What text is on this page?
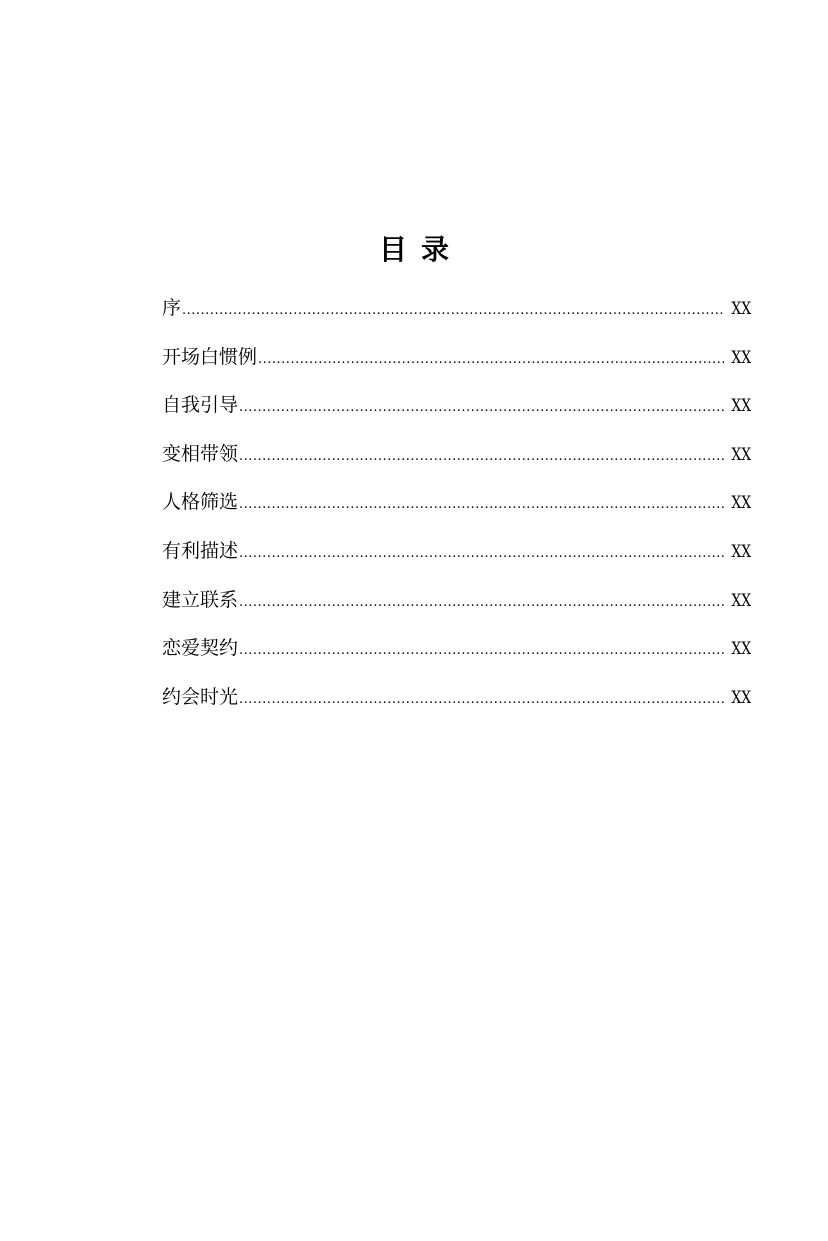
目 录
序 .....	XX
开场白惯例 .....	XX
自我引导 .....	XX
变相带领 .....	XX
人格筛选 .....	XX
有利描述 .....	XX
建立联系 .....	XX
恋爱契约 .....	XX
约会时光 .....	XX
